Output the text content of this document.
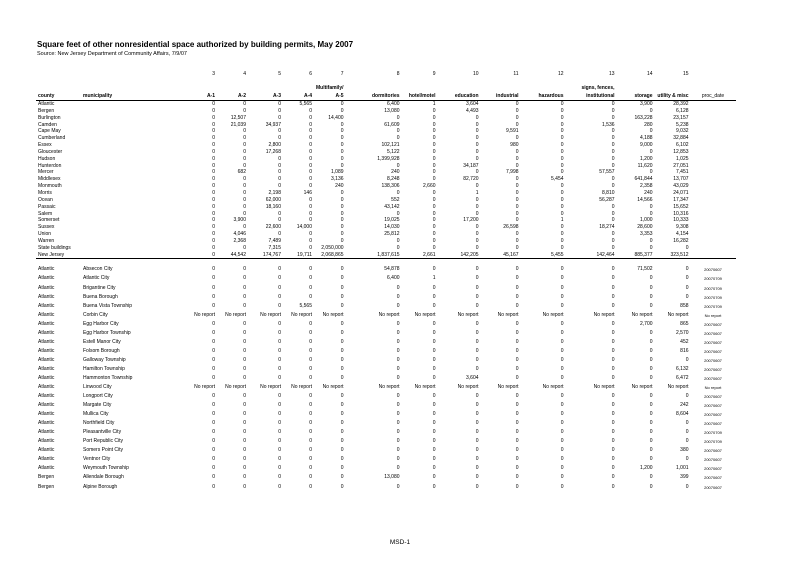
Square feet of other nonresidential space authorized by building permits, May 2007
Source: New Jersey Department of Community Affairs, 7/9/07
		3	4	5	6	7	8	9	10	11	12	13	14	15	

						Multifamily/						signs, fences,			
county	municipality	A-1	A-2	A-3	A-4	A-5	dormitories	hotel/motel	education	industrial	hazardous	institutional	storage	utility & misc	proc_date
Atlantic		0	0	0	5,565	0	6,400	1	3,604	0	0	0	3,900	28,392	
Bergen		0	0	0	0	0	13,080	0	4,493	0	0	0	0	6,128	
Burlington		0	12,507	0	0	14,400	0	0	0	0	0	0	163,228	23,157	
Camden		0	21,039	34,937	0	0	61,609	0	0	0	0	1,536	280	5,238	
Cape May		0	0	0	0	0	0	0	0	9,591	0	0	0	9,032	
Cumberland		0	0	0	0	0	0	0	0	0	0	0	4,188	32,884	
Essex		0	0	2,800	0	0	102,121	0	0	980	0	0	9,000	6,102	
Gloucester		0	0	17,268	0	0	5,122	0	0	0	0	0	0	12,853	
Hudson		0	0	0	0	0	1,399,928	0	0	0	0	0	1,200	1,025	
Hunterdon		0	0	0	0	0	0	0	34,187	0	0	0	11,620	27,051	
Mercer		0	682	0	0	1,089	240	0	0	7,998	0	57,557	0	7,451	
Middlesex		0	0	0	0	3,136	8,248	0	82,720	0	5,454	0	641,844	13,707	
Monmouth		0	0	0	0	240	138,306	2,660	0	0	0	0	2,358	43,029	
Morris		0	0	2,198	146	0	0	0	1	0	0	8,810	240	24,071	
Ocean		0	0	62,000	0	0	552	0	0	0	0	56,287	14,566	17,347	
Passaic		0	0	18,160	0	0	43,142	0	0	0	0	0	0	15,652	
Salem		0	0	0	0	0	0	0	0	0	0	0	0	10,316	
Somerset		0	3,900	0	0	0	19,025	0	17,200	0	1	0	1,000	10,333	
Sussex		0	0	22,600	14,000	0	14,030	0	0	26,598	0	18,274	28,600	9,308	
Union		0	4,046	0	0	0	25,812	0	0	0	0	0	3,353	4,154	
Warren		0	2,368	7,489	0	0	0	0	0	0	0	0	0	16,282	
State buildings		0	0	7,315	0	2,050,000	0	0	0	0	0	0	0	0	
New Jersey		0	44,542	174,767	19,711	2,068,865	1,837,615	2,661	142,205	45,167	5,455	142,464	885,377	323,512	

Atlantic	Absecon City	0	0	0	0	0	54,878	0	0	0	0	0	71,502	0	20070607
Atlantic	Atlantic City	0	0	0	0	0	6,400	1	0	0	0	0	0	0	20070709
Atlantic	Brigantine City	0	0	0	0	0	0	0	0	0	0	0	0	0	20070709
Atlantic	Buena Borough	0	0	0	0	0	0	0	0	0	0	0	0	0	20070709
Atlantic	Buena Vista Township	0	0	0	5,565	0	0	0	0	0	0	0	0	858	20070709
Atlantic	Corbin City	No report	No report	No report	No report	No report	No report	No report	No report	No report	No report	No report	No report	No report	No report
Atlantic	Egg Harbor City	0	0	0	0	0	0	0	0	0	0	0	2,700	865	20070607
Atlantic	Egg Harbor Township	0	0	0	0	0	0	0	0	0	0	0	0	2,570	20070607
Atlantic	Estell Manor City	0	0	0	0	0	0	0	0	0	0	0	0	452	20070607
Atlantic	Folsom Borough	0	0	0	0	0	0	0	0	0	0	0	0	816	20070607
Atlantic	Galloway Township	0	0	0	0	0	0	0	0	0	0	0	0	0	20070607
Atlantic	Hamilton Township	0	0	0	0	0	0	0	0	0	0	0	0	6,132	20070607
Atlantic	Hammonton Township	0	0	0	0	0	0	0	3,604	0	0	0	0	6,472	20070607
Atlantic	Linwood City	No report	No report	No report	No report	No report	No report	No report	No report	No report	No report	No report	No report	No report	No report
Atlantic	Longport City	0	0	0	0	0	0	0	0	0	0	0	0	0	20070607
Atlantic	Margate City	0	0	0	0	0	0	0	0	0	0	0	0	242	20070607
Atlantic	Mullica City	0	0	0	0	0	0	0	0	0	0	0	0	8,604	20070607
Atlantic	Northfield City	0	0	0	0	0	0	0	0	0	0	0	0	0	20070607
Atlantic	Pleasantville City	0	0	0	0	0	0	0	0	0	0	0	0	0	20070709
Atlantic	Port Republic City	0	0	0	0	0	0	0	0	0	0	0	0	0	20070709
Atlantic	Somers Point City	0	0	0	0	0	0	0	0	0	0	0	0	380	20070607
Atlantic	Ventnor City	0	0	0	0	0	0	0	0	0	0	0	0	0	20070607
Atlantic	Weymouth Township	0	0	0	0	0	0	0	0	0	0	0	1,200	1,001	20070607
Bergen	Allendale Borough	0	0	0	0	0	13,080	0	0	0	0	0	0	399	20070607
Bergen	Alpine Borough	0	0	0	0	0	0	0	0	0	0	0	0	0	20070607
MSD-1
